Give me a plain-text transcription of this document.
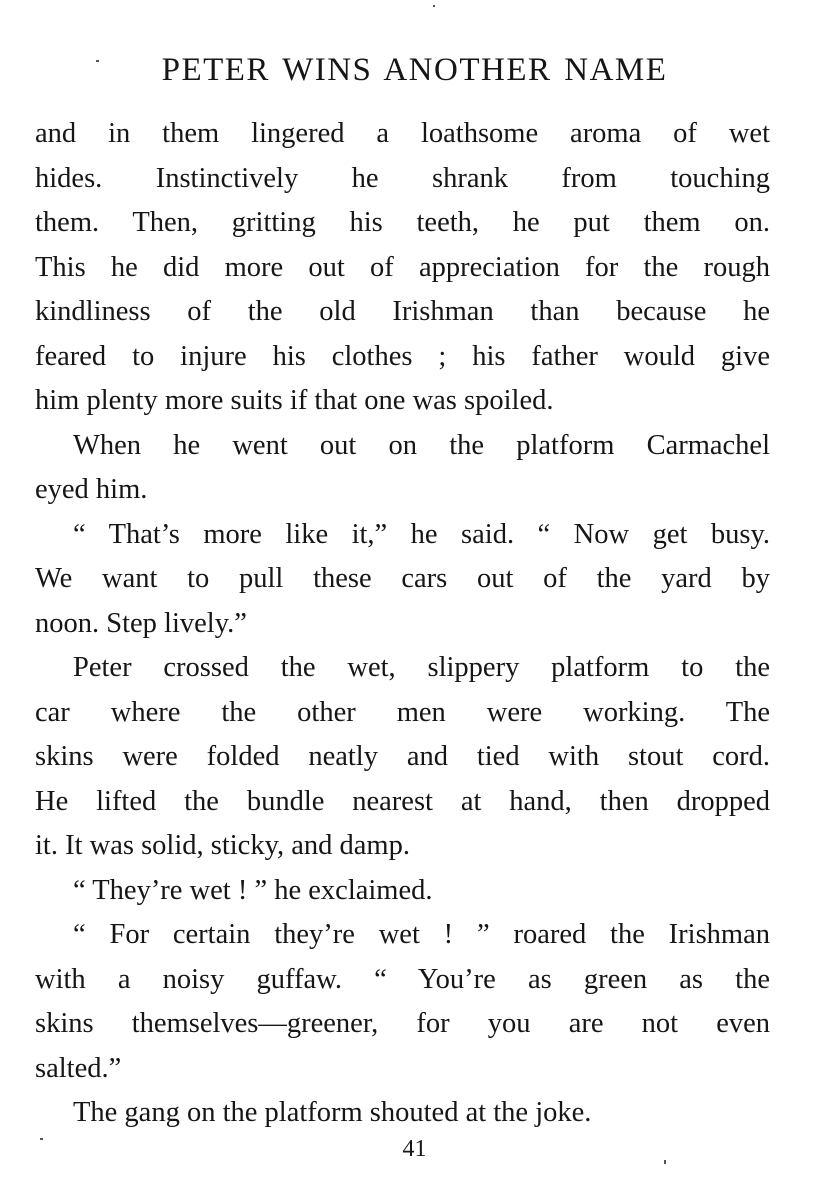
PETER WINS ANOTHER NAME
and in them lingered a loathsome aroma of wet
hides. Instinctively he shrank from touching
them. Then, gritting his teeth, he put them on.
This he did more out of appreciation for the rough
kindliness of the old Irishman than because he
feared to injure his clothes ; his father would give
him plenty more suits if that one was spoiled.
When he went out on the platform Carmachel
eyed him.
“ That’s more like it,” he said. “ Now get busy.
We want to pull these cars out of the yard by
noon. Step lively.”
Peter crossed the wet, slippery platform to the
car where the other men were working. The
skins were folded neatly and tied with stout cord.
He lifted the bundle nearest at hand, then dropped
it. It was solid, sticky, and damp.
“ They’re wet ! ” he exclaimed.
“ For certain they’re wet ! ” roared the Irishman
with a noisy guffaw. “ You’re as green as the
skins themselves—greener, for you are not even
salted.”
The gang on the platform shouted at the joke.
41
